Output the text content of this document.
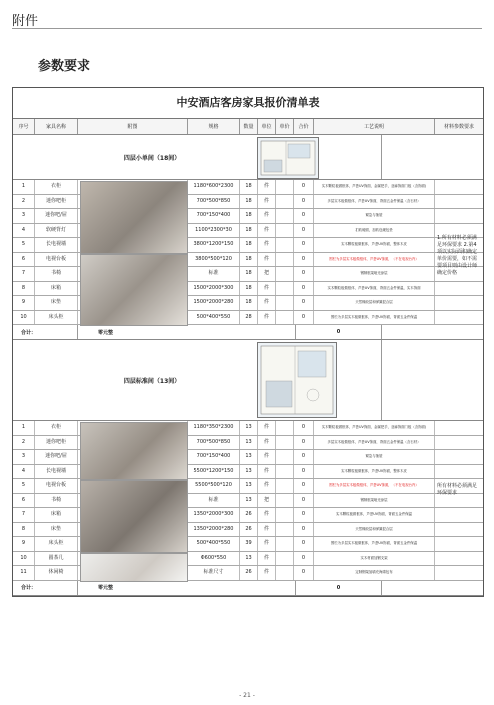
附件
参数要求
中安酒店客房家具报价清单表
序号	家具名称	附图	规格	数量	单位	单价	合价	工艺说明	材料参数要求
四层小单间（18间）
1	衣柜	1180*600*2300	18	件	0	实木颗粒板做框体，芦荟UV饰面，金属把手，亚麻饰面门板（含饰面)
2	迷你吧柜	700*500*850	18	件	0	多层实木板做框体，芦荟UV饰面，背面五金件保温（含石材）
3	迷你吧/屉	700*150*400	18	件	0	紧急与抽屉
4	软硬背灯	1100*2300*30	18	件	0	扪软硬面，加软包硬包垫
5	长电视墙	3800*1200*150	18	件	0	实木颗粒板做框体，芦荟UV饰面，整体木皮
6	电视台板	3800*500*120	18	件	0	围栏为多层实木板做框体，芦荟UV饰面，（不在电视台内）
7	书椅	标准	18	把	0	钢制框架哑光涂层
8	床箱	1500*2000*300	18	件	0	实木颗粒板做框体，芦荟UV饰面，背面五金件保温，实木饰面
9	床垫	1500*2000*280	18	件	0	天然橡胶层和弹簧混合层
10	床头柜	500*400*550	28	件	0	围栏为多层实木板做框体，芦荟UV饰面，背面五金件保温
1.所有材料必须满足环保要求 2.第4项以实际面积确定单价需要，如不需要项目则由设计师确定价格
合计：	零元整	0
四层标准间（13间）
1	衣柜	1180*350*2300	13	件	0	实木颗粒板做框体，芦荟UV饰面，金属把手，亚麻饰面门板（含饰面)
2	迷你吧柜	700*500*850	13	件	0	多层实木板做框体，芦荟UV饰面，背面五金件保温（含石材）
3	迷你吧/屉	700*150*400	13	件	0	紧急与抽屉
4	长电视墙	5500*1200*150	13	件	0	实木颗粒板做框体，芦荟UV饰面，整体木皮
5	电视台板	5500*500*120	13	件	0	围栏为多层实木板做框体，芦荟UV饰面，（不在电视台内）
6	书椅	标准	13	把	0	钢制框架哑光涂层
7	床箱	1350*2000*300	26	件	0	实木颗粒板做框体，芦荟UV饰面，背面五金件保温
8	床垫	1350*2000*280	26	件	0	天然橡胶层和弹簧混合层
9	床头柜	500*400*550	39	件	0	围栏为多层实木板做框体，芦荟UV饰面，背面五金件保温
10	圆茶几	Φ600*550	13	件	0	实木材面加钢支架
11	休闲椅	标准尺寸	26	件	0	定制钢架加填充海绵包布
所有材料必须满足环保要求
合计：	零元整	0
- 21 -
